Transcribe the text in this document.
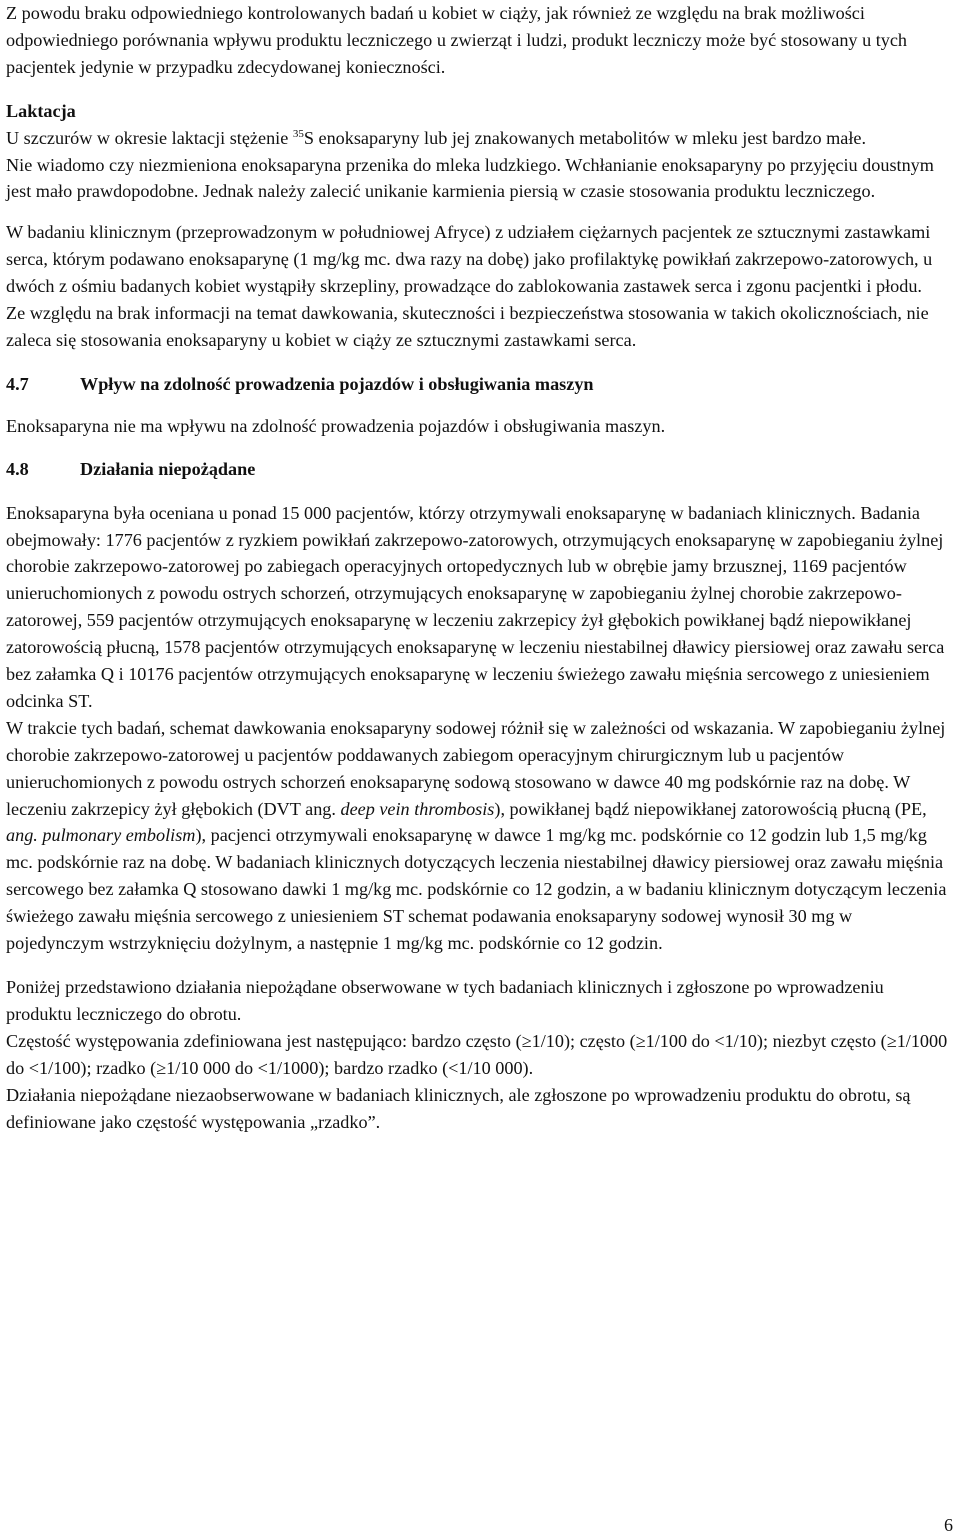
Z powodu braku odpowiedniego kontrolowanych badań u kobiet w ciąży, jak również ze względu na brak możliwości odpowiedniego porównania wpływu produktu leczniczego u zwierząt i ludzi, produkt leczniczy może być stosowany u tych pacjentek jedynie w przypadku zdecydowanej konieczności.

Laktacja

U szczurów w okresie laktacji stężenie $^{35}$S enoksaparyny lub jej znakowanych metabolitów w mleku jest bardzo małe.

Nie wiadomo czy niezmieniona enoksaparyna przenika do mleka ludzkiego. Wchłanianie enoksaparyny po przyjęciu doustnym jest mało prawdopodobne. Jednak należy zalecić unikanie karmienia piersią w czasie stosowania produktu leczniczego.

W badaniu klinicznym (przeprowadzonym w południowej Afryce) z udziałem ciężarnych pacjentek ze sztucznymi zastawkami serca, którym podawano enoksaparynę (1 mg/kg mc. dwa razy na dobę) jako profilaktykę powikłań zakrzepowo-zatorowych, u dwóch z ośmiu badanych kobiet wystąpiły skrzepliny, prowadzące do zablokowania zastawek serca i zgonu pacjentki i płodu.

Ze względu na brak informacji na temat dawkowania, skuteczności i bezpieczeństwa stosowania w takich okolicznościach, nie zaleca się stosowania enoksaparyny u kobiet w ciąży ze sztucznymi zastawkami serca.

4.7	Wpływ na zdolność prowadzenia pojazdów i obsługiwania maszyn

Enoksaparyna nie ma wpływu na zdolność prowadzenia pojazdów i obsługiwania maszyn.

4.8	Działania niepożądane

Enoksaparyna była oceniana u ponad 15 000 pacjentów, którzy otrzymywali enoksaparynę w badaniach klinicznych. Badania obejmowały: 1776 pacjentów z ryzkiem powikłań zakrzepowo-zatorowych, otrzymujących enoksaparynę w zapobieganiu żylnej chorobie zakrzepowo-zatorowej po zabiegach operacyjnych ortopedycznych lub w obrębie jamy brzusznej, 1169 pacjentów unieruchomionych z powodu ostrych schorzeń, otrzymujących enoksaparynę w zapobieganiu żylnej chorobie zakrzepowo-zatorowej, 559 pacjentów otrzymujących enoksaparynę w leczeniu zakrzepicy żył głębokich powikłanej bądź niepowikłanej zatorowością płucną, 1578 pacjentów otrzymujących enoksaparynę w leczeniu niestabilnej dławicy piersiowej oraz zawału serca bez załamka Q i 10176 pacjentów otrzymujących enoksaparynę w leczeniu świeżego zawału mięśnia sercowego z uniesieniem odcinka ST.

W trakcie tych badań, schemat dawkowania enoksaparyny sodowej różnił się w zależności od wskazania. W zapobieganiu żylnej chorobie zakrzepowo-zatorowej u pacjentów poddawanych zabiegom operacyjnym chirurgicznym lub u pacjentów unieruchomionych z powodu ostrych schorzeń enoksaparynę sodową stosowano w dawce 40 mg podskórnie raz na dobę. W leczeniu zakrzepicy żył głębokich (DVT ang. deep vein thrombosis), powikłanej bądź niepowikłanej zatorowością płucną (PE, ang. pulmonary embolism), pacjenci otrzymywali enoksaparynę w dawce 1 mg/kg mc. podskórnie co 12 godzin lub 1,5 mg/kg mc. podskórnie raz na dobę. W badaniach klinicznych dotyczących leczenia niestabilnej dławicy piersiowej oraz zawału mięśnia sercowego bez załamka Q stosowano dawki 1 mg/kg mc. podskórnie co 12 godzin, a w badaniu klinicznym dotyczącym leczenia świeżego zawału mięśnia sercowego z uniesieniem ST schemat podawania enoksaparyny sodowej wynosił 30 mg w pojedynczym wstrzyknięciu dożylnym, a następnie 1 mg/kg mc. podskórnie co 12 godzin.

Poniżej przedstawiono działania niepożądane obserwowane w tych badaniach klinicznych i zgłoszone po wprowadzeniu produktu leczniczego do obrotu.

Częstość występowania zdefiniowana jest następująco: bardzo często (≥1/10); często (≥1/100 do <1/10); niezbyt często (≥1/1000 do <1/100); rzadko (≥1/10 000 do <1/1000); bardzo rzadko (<1/10 000).

Działania niepożądane niezaobserwowane w badaniach klinicznych, ale zgłoszone po wprowadzeniu produktu do obrotu, są definiowane jako częstość występowania „rzadko”.

6
